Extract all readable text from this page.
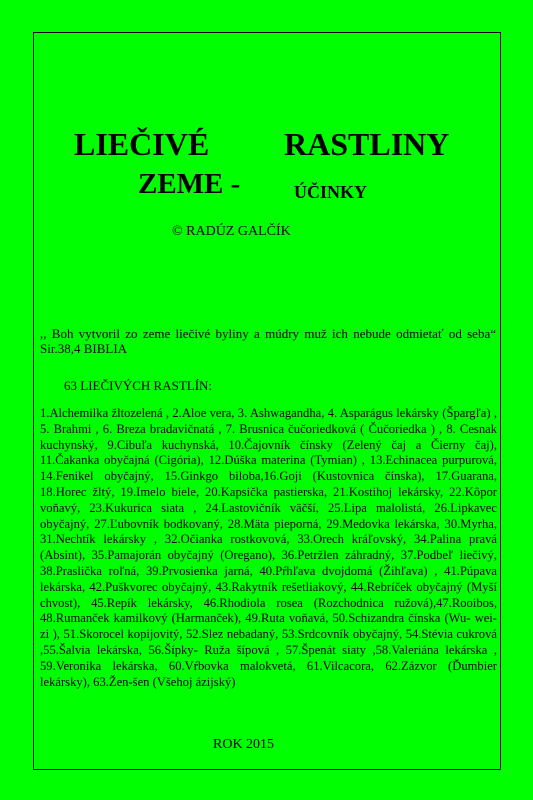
LIEČIVÉ RASTLINY
ZEME -	ÚČINKY
© RADÚZ GALČÍK
,, Boh vytvoril zo zeme liečivé byliny a múdry muž ich nebude odmietať od seba“ Sir.38,4 BIBLIA
63 LIEČIVÝCH RASTLÍN:
1.Alchemilka žltozelená , 2.Aloe vera, 3. Ashwagandha, 4. Asparágus lekársky (Špargľa) , 5. Brahmi , 6. Breza bradavičnatá , 7. Brusnica čučoriedková ( Čučoriedka ) , 8. Cesnak kuchynský, 9.Cibuľa kuchynská, 10.Čajovník čínsky (Zelený čaj a Čierny čaj), 11.Čakanka obyčajná (Cigória), 12.Dúška materina (Tymian) , 13.Echinacea purpurová, 14.Fenikel obyčajný, 15.Ginkgo biloba,16.Goji (Kustovnica čínska), 17.Guarana, 18.Horec žltý, 19.Imelo biele, 20.Kapsička pastierska, 21.Kostihoj lekársky, 22.Kôpor voňavý, 23.Kukurica siata , 24.Lastovičník väčší, 25.Lipa malolistá, 26.Lipkavec obyčajný, 27.Ľubovník bodkovaný, 28.Mäta pieporná, 29.Medovka lekárska, 30.Myrha, 31.Nechtík lekársky , 32.Očianka rostkovová, 33.Orech kráľovský, 34.Palina pravá (Absint), 35.Pamajorán obyčajný (Oregano), 36.Petržlen záhradný, 37.Podbeľ liečivý, 38.Praslička roľná, 39.Prvosienka jarná, 40.Pŕhľava dvojdomá (Žihľava) , 41.Púpava lekárska, 42.Puškvorec obyčajný, 43.Rakytník rešetliakový, 44.Rebríček obyčajný (Myší chvost), 45.Repík lekársky, 46.Rhodiola rosea (Rozchodnica ružová),47.Rooibos, 48.Rumanček kamilkový (Harmanček), 49.Ruta voňavá, 50.Schizandra čínska (Wu- wei-zi ), 51.Skorocel kopijovitý, 52.Slez nebadaný, 53.Srdcovník obyčajný, 54.Stévia cukrová ,55.Šalvia lekárska, 56.Šípky- Ruža šípová , 57.Špenát siaty ,58.Valeriána lekárska , 59.Veronika lekárska, 60.Vŕbovka malokvetá, 61.Vilcacora, 62.Zázvor (Ďumbier lekársky), 63.Žen-šen (Všehoj ázijský)
ROK 2015
